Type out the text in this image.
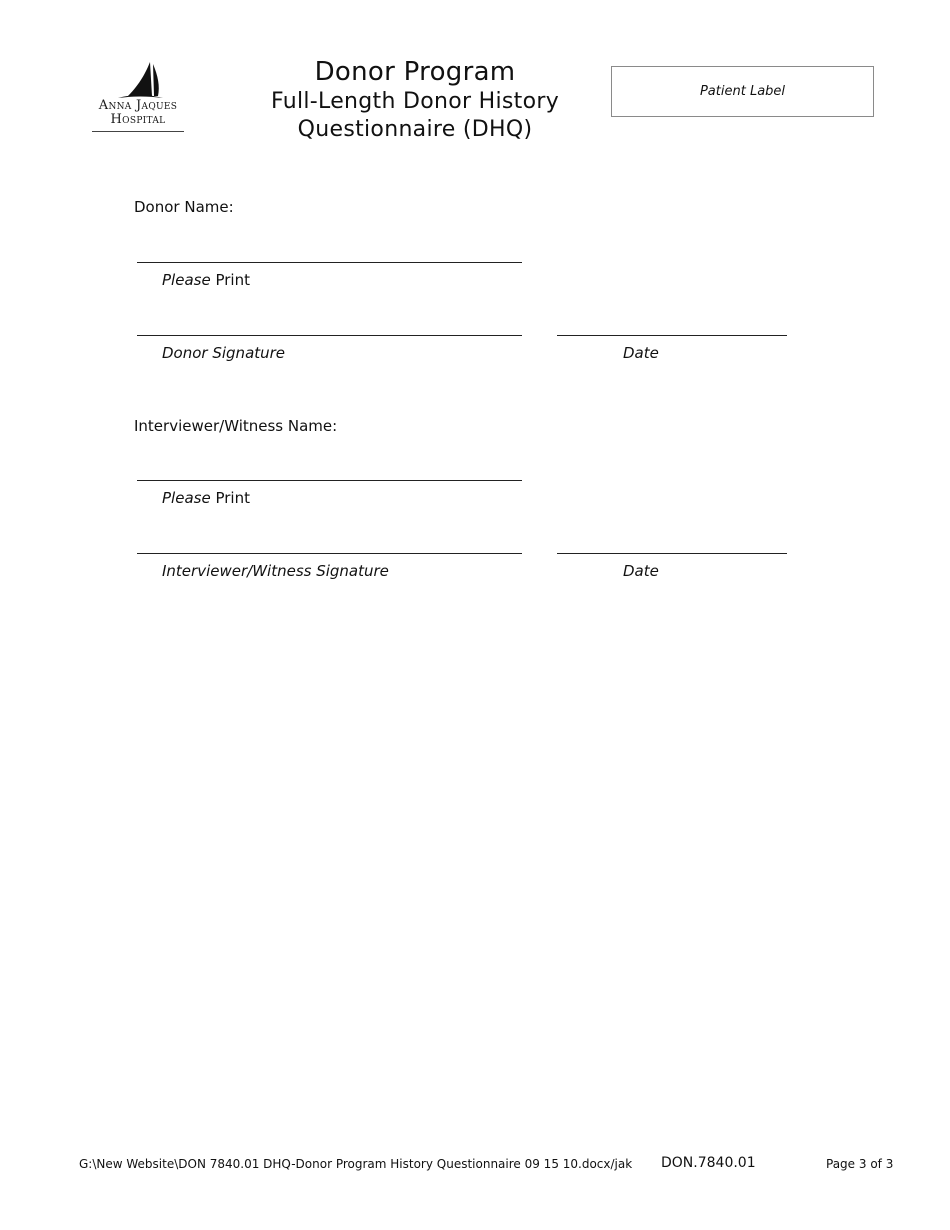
Anna Jaques
Hospital
Donor Program
Full-Length Donor History
Questionnaire (DHQ)
Patient Label
Donor Name:
Please Print
Donor Signature	Date
Interviewer/Witness Name:
Please Print
Interviewer/Witness Signature	Date
G:\New Website\DON 7840.01 DHQ-Donor Program History Questionnaire 09 15 10.docx/jak DON.7840.01	Page 3 of 3
